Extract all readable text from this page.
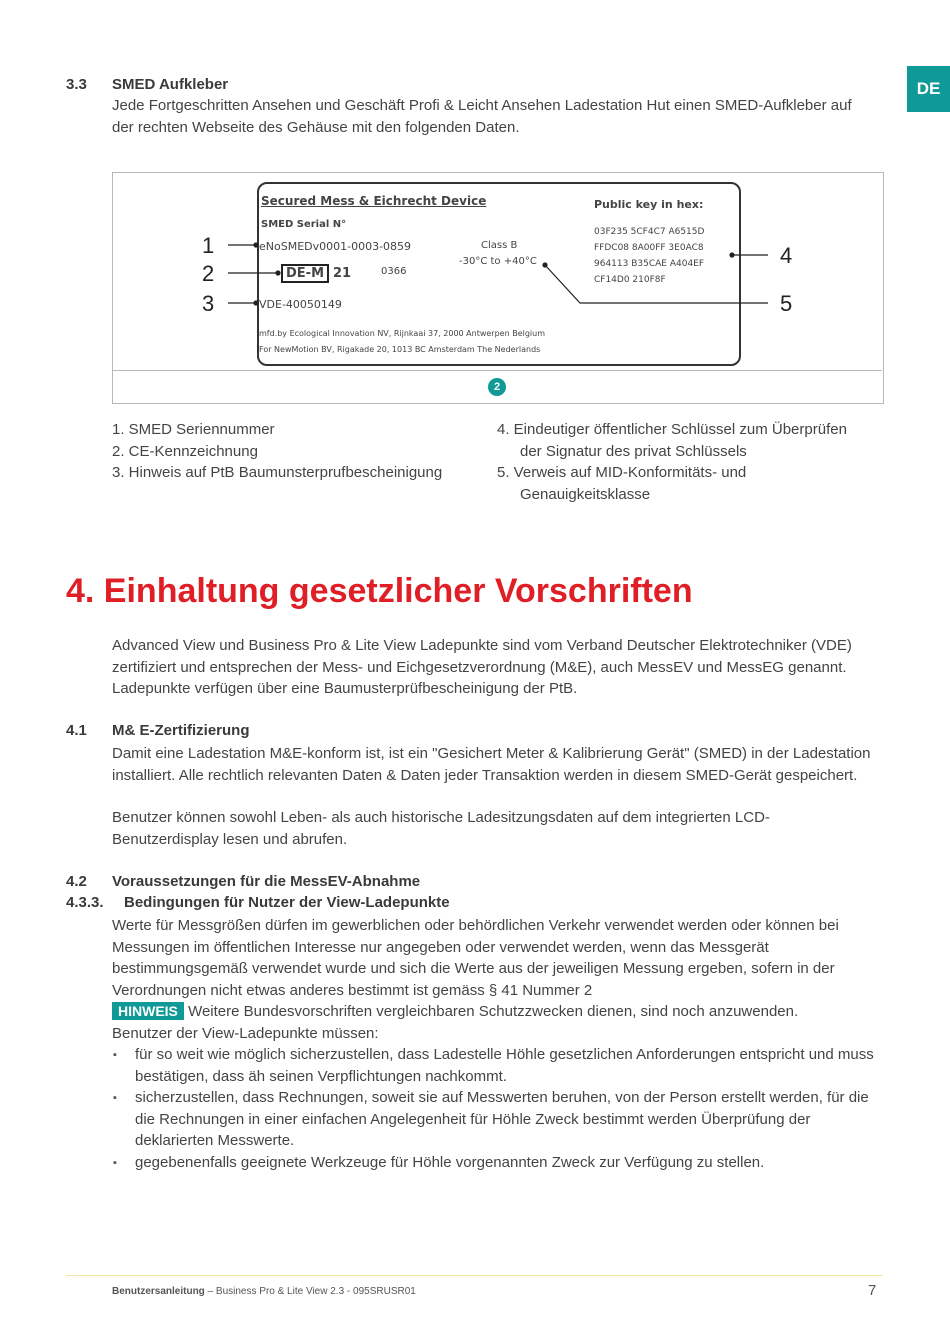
DE
3.3 SMED Aufkleber
Jede Fortgeschritten Ansehen und Geschäft Profi & Leicht Ansehen Ladestation Hut einen SMED-Aufkleber auf der rechten Webseite des Gehäuse mit den folgenden Daten.
2
Secured Mess & Eichrecht Device
SMED Serial N°
eNoSMEDv0001-0003-0859
DE-M 21	0366
VDE-40050149
Class B
-30°C to +40°C
Public key in hex:
03F235 5CF4C7 A6515D
FFDC08 8A00FF 3E0AC8
964113 B35CAE A404EF
CF14D0 210F8F
mfd.by Ecological Innovation NV, Rijnkaai 37, 2000 Antwerpen Belgium
For NewMotion BV, Rigakade 20, 1013 BC Amsterdam The Nederlands
1
2
3
4
5
1. SMED Seriennummer
2. CE-Kennzeichnung
3. Hinweis auf PtB Baumunsterprufbescheinigung
4. Eindeutiger öffentlicher Schlüssel zum Überprüfen
der Signatur des privat Schlüssels
5. Verweis auf MID-Konformitäts- und
Genauigkeitsklasse
4. Einhaltung gesetzlicher Vorschriften
Advanced View und Business Pro & Lite View Ladepunkte sind vom Verband Deutscher Elektrotechniker (VDE) zertifiziert und entsprechen der Mess- und Eichgesetzverordnung (M&E), auch MessEV und MessEG genannt. Ladepunkte verfügen über eine Baumusterprüfbescheinigung der PtB.
4.1 M& E-Zertifizierung
Damit eine Ladestation M&E-konform ist, ist ein "Gesichert Meter & Kalibrierung Gerät" (SMED) in der Ladestation installiert. Alle rechtlich relevanten Daten & Daten jeder Transaktion werden in diesem SMED-Gerät gespeichert.
Benutzer können sowohl Leben- als auch historische Ladesitzungsdaten auf dem integrierten LCD-Benutzerdisplay lesen und abrufen.
4.2 Voraussetzungen für die MessEV-Abnahme
4.3.3. Bedingungen für Nutzer der View-Ladepunkte
Werte für Messgrößen dürfen im gewerblichen oder behördlichen Verkehr verwendet werden oder können bei Messungen im öffentlichen Interesse nur angegeben oder verwendet werden, wenn das Messgerät bestimmungsgemäß verwendet wurde und sich die Werte aus der jeweiligen Messung ergeben, sofern in der Verordnungen nicht etwas anderes bestimmt ist gemäss § 41 Nummer 2
HINWEIS Weitere Bundesvorschriften vergleichbaren Schutzzwecken dienen, sind noch anzuwenden.
Benutzer der View-Ladepunkte müssen:
▪ für so weit wie möglich sicherzustellen, dass Ladestelle Höhle gesetzlichen Anforderungen entspricht und muss bestätigen, dass äh seinen Verpflichtungen nachkommt.
▪ sicherzustellen, dass Rechnungen, soweit sie auf Messwerten beruhen, von der Person erstellt werden, für die die Rechnungen in einer einfachen Angelegenheit für Höhle Zweck bestimmt werden Überprüfung der deklarierten Messwerte.
▪ gegebenenfalls geeignete Werkzeuge für Höhle vorgenannten Zweck zur Verfügung zu stellen.
Benutzersanleitung – Business Pro & Lite View 2.3 - 095SRUSR01	7
